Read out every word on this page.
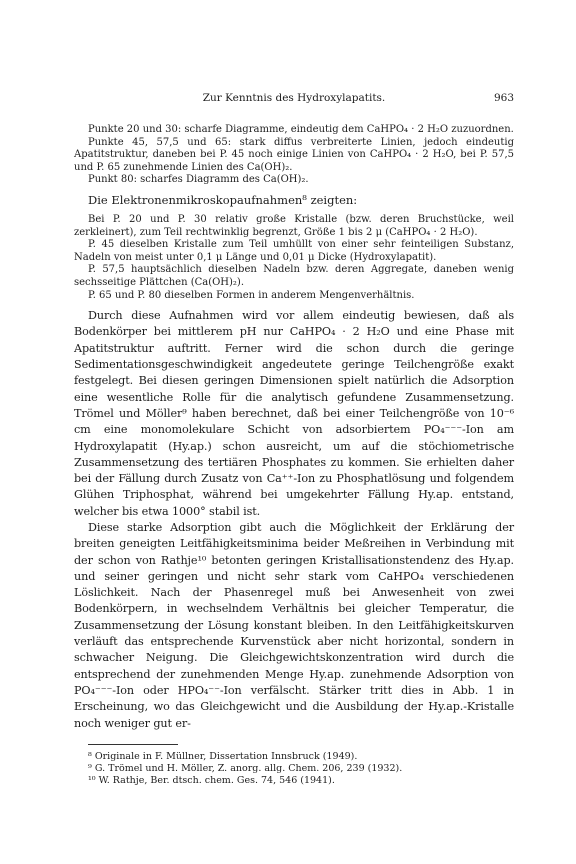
Zur Kenntnis des Hydroxylapatits.	963

Punkte 20 und 30: scharfe Diagramme, eindeutig dem CaHPO₄ · 2 H₂O zuzuordnen.

Punkte 45, 57,5 und 65: stark diffus verbreiterte Linien, jedoch eindeutig Apatitstruktur, daneben bei P. 45 noch einige Linien von CaHPO₄ · 2 H₂O, bei P. 57,5 und P. 65 zunehmende Linien des Ca(OH)₂.

Punkt 80: scharfes Diagramm des Ca(OH)₂.

Die Elektronenmikroskopaufnahmen⁸ zeigten:

Bei P. 20 und P. 30 relativ große Kristalle (bzw. deren Bruchstücke, weil zerkleinert), zum Teil rechtwinklig begrenzt, Größe 1 bis 2 μ (CaHPO₄ · 2 H₂O).

P. 45 dieselben Kristalle zum Teil umhüllt von einer sehr feinteiligen Substanz, Nadeln von meist unter 0,1 μ Länge und 0,01 μ Dicke (Hydroxylapatit).

P. 57,5 hauptsächlich dieselben Nadeln bzw. deren Aggregate, daneben wenig sechsseitige Plättchen (Ca(OH)₂).

P. 65 und P. 80 dieselben Formen in anderem Mengenverhältnis.

Durch diese Aufnahmen wird vor allem eindeutig bewiesen, daß als Bodenkörper bei mittlerem pH nur CaHPO₄ · 2 H₂O und eine Phase mit Apatitstruktur auftritt. Ferner wird die schon durch die geringe Sedimentationsgeschwindigkeit angedeutete geringe Teilchengröße exakt festgelegt. Bei diesen geringen Dimensionen spielt natürlich die Adsorption eine wesentliche Rolle für die analytisch gefundene Zusammensetzung. Trömel und Möller⁹ haben berechnet, daß bei einer Teilchengröße von 10⁻⁶ cm eine monomolekulare Schicht von adsorbiertem PO₄⁻⁻⁻-Ion am Hydroxylapatit (Hy.ap.) schon ausreicht, um auf die stöchiometrische Zusammensetzung des tertiären Phosphates zu kommen. Sie erhielten daher bei der Fällung durch Zusatz von Ca⁺⁺-Ion zu Phosphatlösung und folgendem Glühen Triphosphat, während bei umgekehrter Fällung Hy.ap. entstand, welcher bis etwa 1000° stabil ist.

Diese starke Adsorption gibt auch die Möglichkeit der Erklärung der breiten geneigten Leitfähigkeitsminima beider Meßreihen in Verbindung mit der schon von Rathje¹⁰ betonten geringen Kristallisationstendenz des Hy.ap. und seiner geringen und nicht sehr stark vom CaHPO₄ verschiedenen Löslichkeit. Nach der Phasenregel muß bei Anwesenheit von zwei Bodenkörpern, in wechselndem Verhältnis bei gleicher Temperatur, die Zusammensetzung der Lösung konstant bleiben. In den Leitfähigkeitskurven verläuft das entsprechende Kurvenstück aber nicht horizontal, sondern in schwacher Neigung. Die Gleichgewichtskonzentration wird durch die entsprechend der zunehmenden Menge Hy.ap. zunehmende Adsorption von PO₄⁻⁻⁻-Ion oder HPO₄⁻⁻-Ion verfälscht. Stärker tritt dies in Abb. 1 in Erscheinung, wo das Gleichgewicht und die Ausbildung der Hy.ap.-Kristalle noch weniger gut er-

⁸ Originale in F. Müllner, Dissertation Innsbruck (1949).

⁹ G. Trömel und H. Möller, Z. anorg. allg. Chem. 206, 239 (1932).

¹⁰ W. Rathje, Ber. dtsch. chem. Ges. 74, 546 (1941).
